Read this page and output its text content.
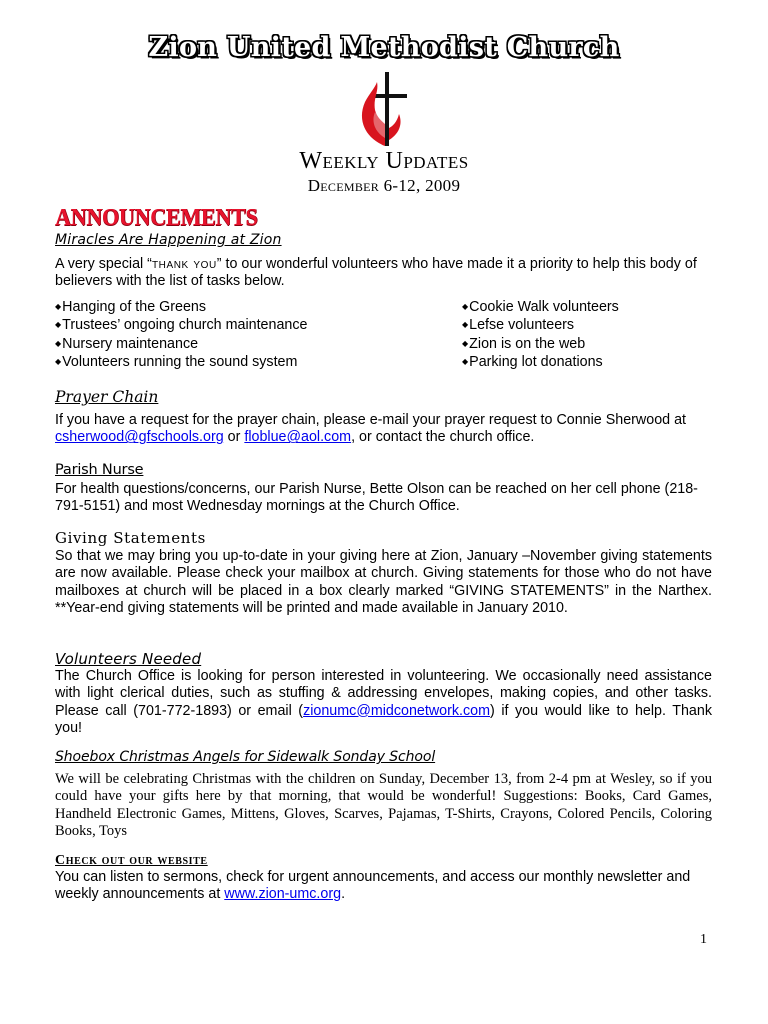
Zion United Methodist Church
Weekly Updates
December 6-12, 2009
ANNOUNCEMENTS
Miracles Are Happening at Zion
A very special “thank you” to our wonderful volunteers who have made it a priority to help this body of believers with the list of tasks below.
◆Hanging of the Greens
◆Trustees’ ongoing church maintenance
◆Nursery maintenance
◆Volunteers running the sound system
◆Cookie Walk volunteers
◆Lefse volunteers
◆Zion is on the web
◆Parking lot donations
Prayer Chain
If you have a request for the prayer chain, please e-mail your prayer request to Connie Sherwood at csherwood@gfschools.org or floblue@aol.com, or contact the church office.
Parish Nurse
For health questions/concerns, our Parish Nurse, Bette Olson can be reached on her cell phone (218-791-5151) and most Wednesday mornings at the Church Office.
Giving Statements
So that we may bring you up-to-date in your giving here at Zion, January –November giving statements are now available. Please check your mailbox at church. Giving statements for those who do not have mailboxes at church will be placed in a box clearly marked “GIVING STATEMENTS” in the Narthex. **Year-end giving statements will be printed and made available in January 2010.
Volunteers Needed
The Church Office is looking for person interested in volunteering. We occasionally need assistance with light clerical duties, such as stuffing & addressing envelopes, making copies, and other tasks. Please call (701-772-1893) or email (zionumc@midconetwork.com) if you would like to help. Thank you!
Shoebox Christmas Angels for Sidewalk Sonday School
We will be celebrating Christmas with the children on Sunday, December 13, from 2-4 pm at Wesley, so if you could have your gifts here by that morning, that would be wonderful! Suggestions: Books, Card Games, Handheld Electronic Games, Mittens, Gloves, Scarves, Pajamas, T-Shirts, Crayons, Colored Pencils, Coloring Books, Toys
Check out our website
You can listen to sermons, check for urgent announcements, and access our monthly newsletter and weekly announcements at www.zion-umc.org.
1
